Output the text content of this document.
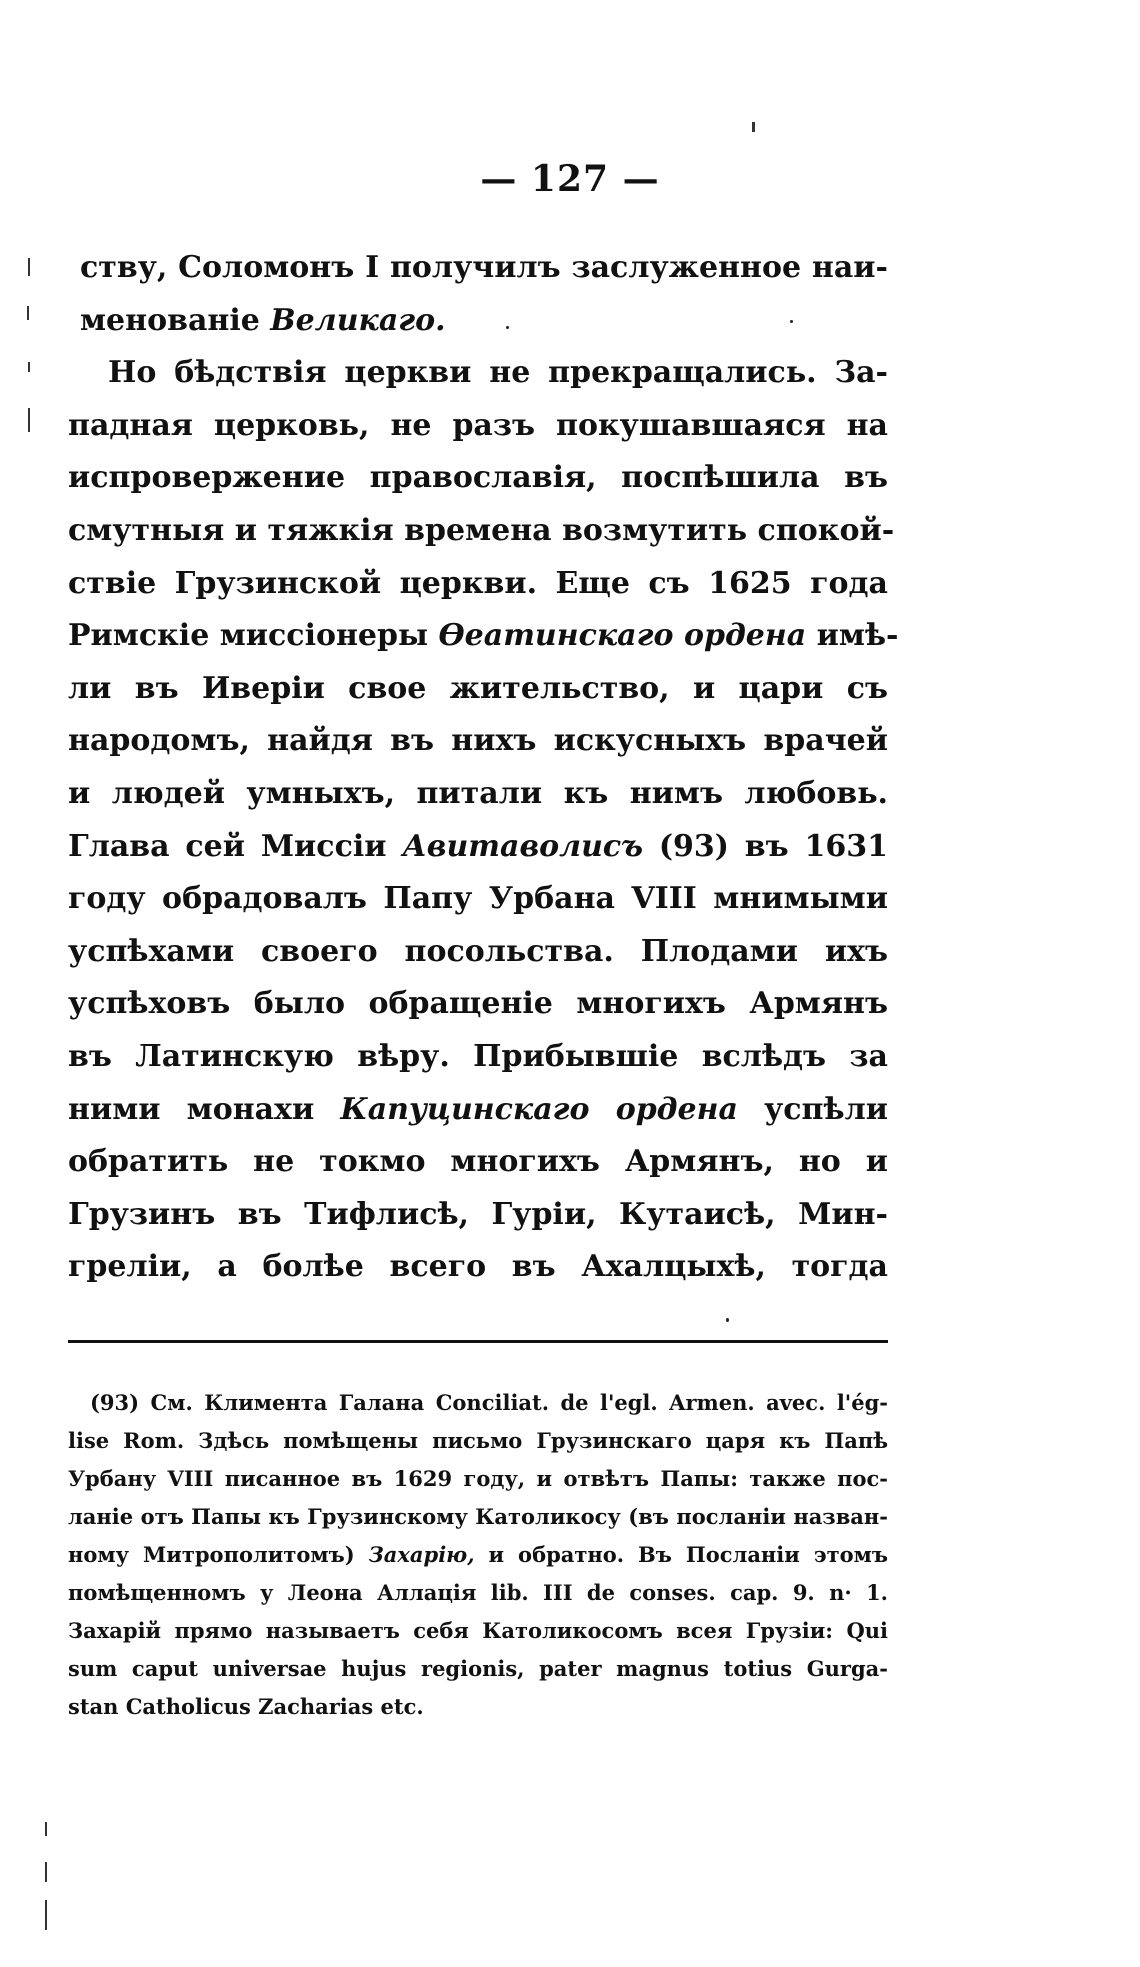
— 127 —
ству, Соломонъ I получилъ заслуженное наи-
менованіе Великаго.
Но бѣдствія церкви не прекращались. За-
падная церковь, не разъ покушавшаяся на
испровержение православія, поспѣшила въ
смутныя и тяжкія времена возмутить спокой-
ствіе Грузинской церкви. Еще съ 1625 года
Римскіе миссіонеры Ѳеатинскаго ордена имѣ-
ли въ Иверіи свое жительство, и цари съ
народомъ, найдя въ нихъ искусныхъ врачей
и людей умныхъ, питали къ нимъ любовь.
Глава сей Миссіи Авитаволисъ (93) въ 1631
году обрадовалъ Папу Урбана VIII мнимыми
успѣхами своего посольства. Плодами ихъ
успѣховъ было обращеніе многихъ Армянъ
въ Латинскую вѣру. Прибывшіе вслѣдъ за
ними монахи Капуцинскаго ордена успѣли
обратить не токмо многихъ Армянъ, но и
Грузинъ въ Тифлисѣ, Гуріи, Кутаисѣ, Мин-
греліи, а болѣе всего въ Ахалцыхѣ, тогда
(93) См. Климента Галана Conciliat. de l'egl. Armen. avec. l'ég-
lise Rom. Здѣсь помѣщены письмо Грузинскаго царя къ Папѣ
Урбану VIII писанное въ 1629 году, и отвѣтъ Папы: также пос-
ланіе отъ Папы къ Грузинскому Католикосу (въ посланіи назван-
ному Митрополитомъ) Захарію, и обратно. Въ Посланіи этомъ
помѣщенномъ у Леона Аллація lib. III de conses. cap. 9. n· 1.
Захарій прямо называетъ себя Католикосомъ всея Грузіи: Qui
sum caput universae hujus regionis, pater magnus totius Gurga-
stan Catholicus Zacharias etc.
